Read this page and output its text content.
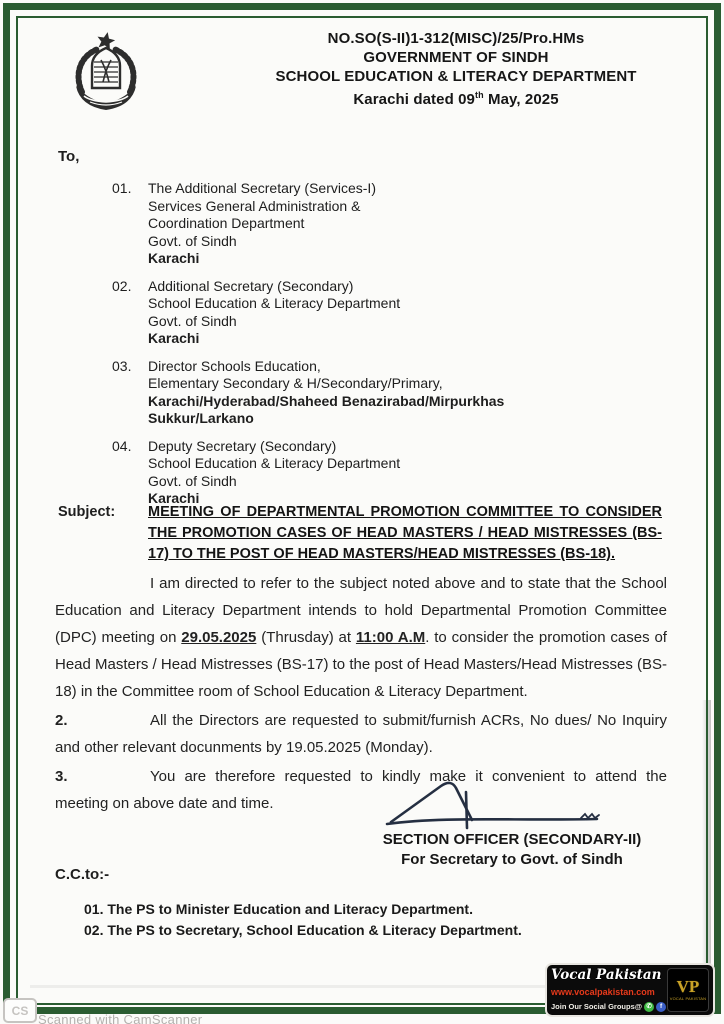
NO.SO(S-II)1-312(MISC)/25/Pro.HMs
GOVERNMENT OF SINDH
SCHOOL EDUCATION & LITERACY DEPARTMENT
Karachi dated 09th May, 2025
To,
01.	The Additional Secretary (Services-I)
Services General Administration &
Coordination Department
Govt. of Sindh
Karachi
02.	Additional Secretary (Secondary)
School Education & Literacy Department
Govt. of Sindh
Karachi
03.	Director Schools Education,
Elementary Secondary & H/Secondary/Primary,
Karachi/Hyderabad/Shaheed Benazirabad/Mirpurkhas
Sukkur/Larkano
04.	Deputy Secretary (Secondary)
School Education & Literacy Department
Govt. of Sindh
Karachi
Subject: MEETING OF DEPARTMENTAL PROMOTION COMMITTEE TO CONSIDER THE PROMOTION CASES OF HEAD MASTERS / HEAD MISTRESSES (BS-17) TO THE POST OF HEAD MASTERS/HEAD MISTRESSES (BS-18).

I am directed to refer to the subject noted above and to state that the School Education and Literacy Department intends to hold Departmental Promotion Committee (DPC) meeting on 29.05.2025 (Thrusday) at 11:00 A.M. to consider the promotion cases of Head Masters / Head Mistresses (BS-17) to the post of Head Masters/Head Mistresses (BS-18) in the Committee room of School Education & Literacy Department.

2.	All the Directors are requested to submit/furnish ACRs, No dues/ No Inquiry and other relevant docunments by 19.05.2025 (Monday).

3.	You are therefore requested to kindly make it convenient to attend the meeting on above date and time.

SECTION OFFICER (SECONDARY-II)
For Secretary to Govt. of Sindh
C.C.to:-
01. The PS to Minister Education and Literacy Department.
02. The PS to Secretary, School Education & Literacy Department.
Scanned with CamScanner
CS
Vocal Pakistan
www.vocalpakistan.com
Join Our Social Groups@ ✆	f
VP
VOCAL PAKISTAN
